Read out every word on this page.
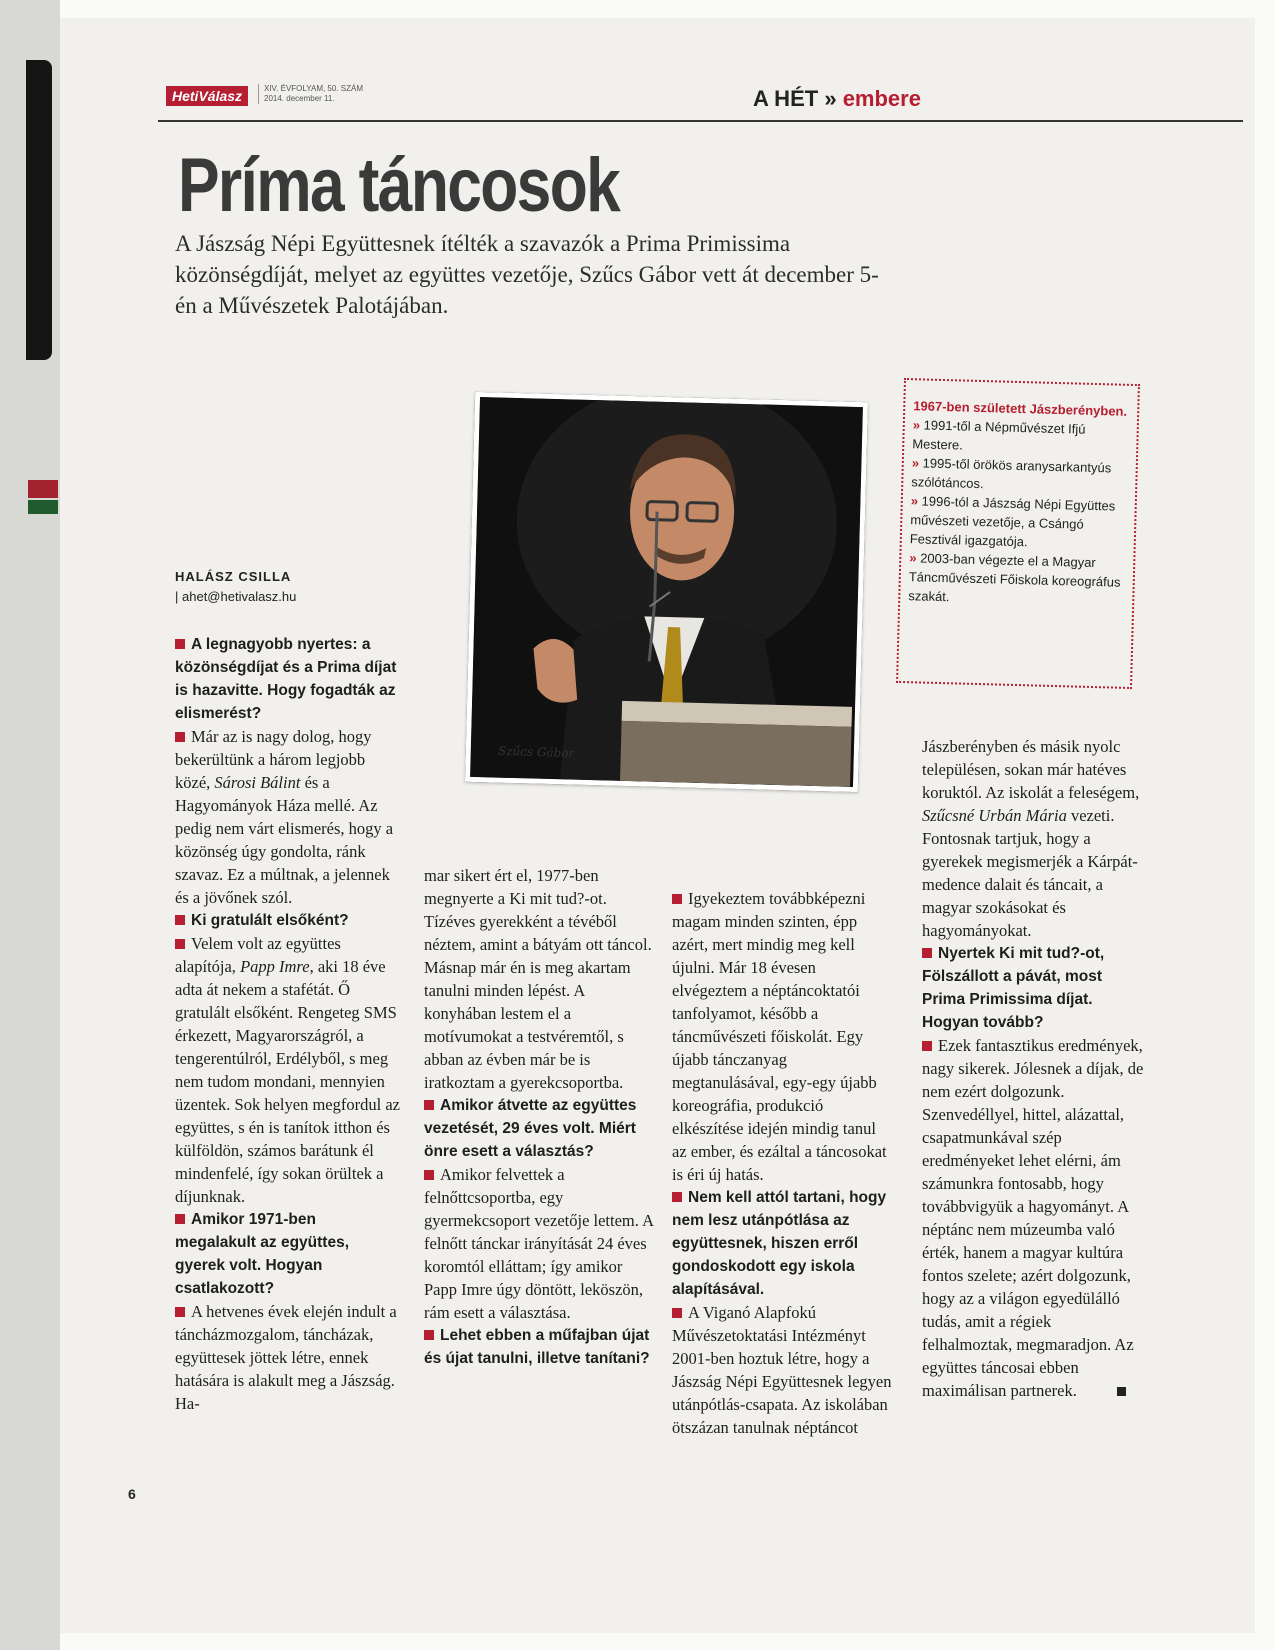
HetiVálasz	XIV. ÉVFOLYAM, 50. SZÁM
2014. december 11.	A HÉT » embere
Príma táncosok
A Jászság Népi Együttesnek ítélték a szavazók a Prima Primissima közönségdíját, melyet az együttes vezetője, Szűcs Gábor vett át december 5-én a Művészetek Palotájában.
Szűcs Gábor
1967-ben született Jászberényben.
» 1991-től a Népművészet Ifjú Mestere.
» 1995-től örökös aranysarkantyús szólótáncos.
» 1996-tól a Jászság Népi Együttes művészeti vezetője, a Csángó Fesztivál igazgatója.
» 2003-ban végezte el a Magyar Táncművészeti Főiskola koreográfus szakát.
HALÁSZ CSILLA
| ahet@hetivalasz.hu

A legnagyobb nyertes: a közönségdíjat és a Prima díjat is hazavitte. Hogy fogadták az elismerést?

Már az is nagy dolog, hogy bekerültünk a három legjobb közé, Sárosi Bálint és a Hagyományok Háza mellé. Az pedig nem várt elismerés, hogy a közönség úgy gondolta, ránk szavaz. Ez a múltnak, a jelennek és a jövőnek szól.

Ki gratulált elsőként?

Velem volt az együttes alapítója, Papp Imre, aki 18 éve adta át nekem a stafétát. Ő gratulált elsőként. Rengeteg SMS érkezett, Magyarországról, a tengerentúlról, Erdélyből, s meg nem tudom mondani, mennyien üzentek. Sok helyen megfordul az együttes, s én is tanítok itthon és külföldön, számos barátunk él mindenfelé, így sokan örültek a díjunknak.

Amikor 1971-ben megalakult az együttes, gyerek volt. Hogyan csatlakozott?

A hetvenes évek elején indult a táncházmozgalom, táncházak, együttesek jöttek létre, ennek hatására is alakult meg a Jászság. Ha-

mar sikert ért el, 1977-ben megnyerte a Ki mit tud?-ot. Tízéves gyerekként a tévéből néztem, amint a bátyám ott táncol. Másnap már én is meg akartam tanulni minden lépést. A konyhában lestem el a motívumokat a testvéremtől, s abban az évben már be is iratkoztam a gyerekcsoportba.

Amikor átvette az együttes vezetését, 29 éves volt. Miért önre esett a választás?

Amikor felvettek a felnőttcsoportba, egy gyermekcsoport vezetője lettem. A felnőtt tánckar irányítását 24 éves koromtól elláttam; így amikor Papp Imre úgy döntött, leköszön, rám esett a választása.

Lehet ebben a műfajban újat és újat tanulni, illetve tanítani?

Igyekeztem továbbképezni magam minden szinten, épp azért, mert mindig meg kell újulni. Már 18 évesen elvégeztem a néptáncoktatói tanfolyamot, később a táncművészeti főiskolát. Egy újabb tánczanyag megtanulásával, egy-egy újabb koreográfia, produkció elkészítése idején mindig tanul az ember, és ezáltal a táncosokat is éri új hatás.

Nem kell attól tartani, hogy nem lesz utánpótlása az együttesnek, hiszen erről gondoskodott egy iskola alapításával.

A Viganó Alapfokú Művészetoktatási Intézményt 2001-ben hoztuk létre, hogy a Jászság Népi Együttesnek legyen utánpótlás-csapata. Az iskolában ötszázan tanulnak néptáncot

Jászberényben és másik nyolc településen, sokan már hatéves koruktól. Az iskolát a feleségem, Szűcsné Urbán Mária vezeti. Fontosnak tartjuk, hogy a gyerekek megismerjék a Kárpát-medence dalait és táncait, a magyar szokásokat és hagyományokat.

Nyertek Ki mit tud?-ot, Fölszállott a pávát, most Prima Primissima díjat. Hogyan tovább?

Ezek fantasztikus eredmények, nagy sikerek. Jólesnek a díjak, de nem ezért dolgozunk. Szenvedéllyel, hittel, alázattal, csapatmunkával szép eredményeket lehet elérni, ám számunkra fontosabb, hogy továbbvigyük a hagyományt. A néptánc nem múzeumba való érték, hanem a magyar kultúra fontos szelete; azért dolgozunk, hogy az a világon egyedülálló tudás, amit a régiek felhalmoztak, megmaradjon. Az együttes táncosai ebben maximálisan partnerek.

6
